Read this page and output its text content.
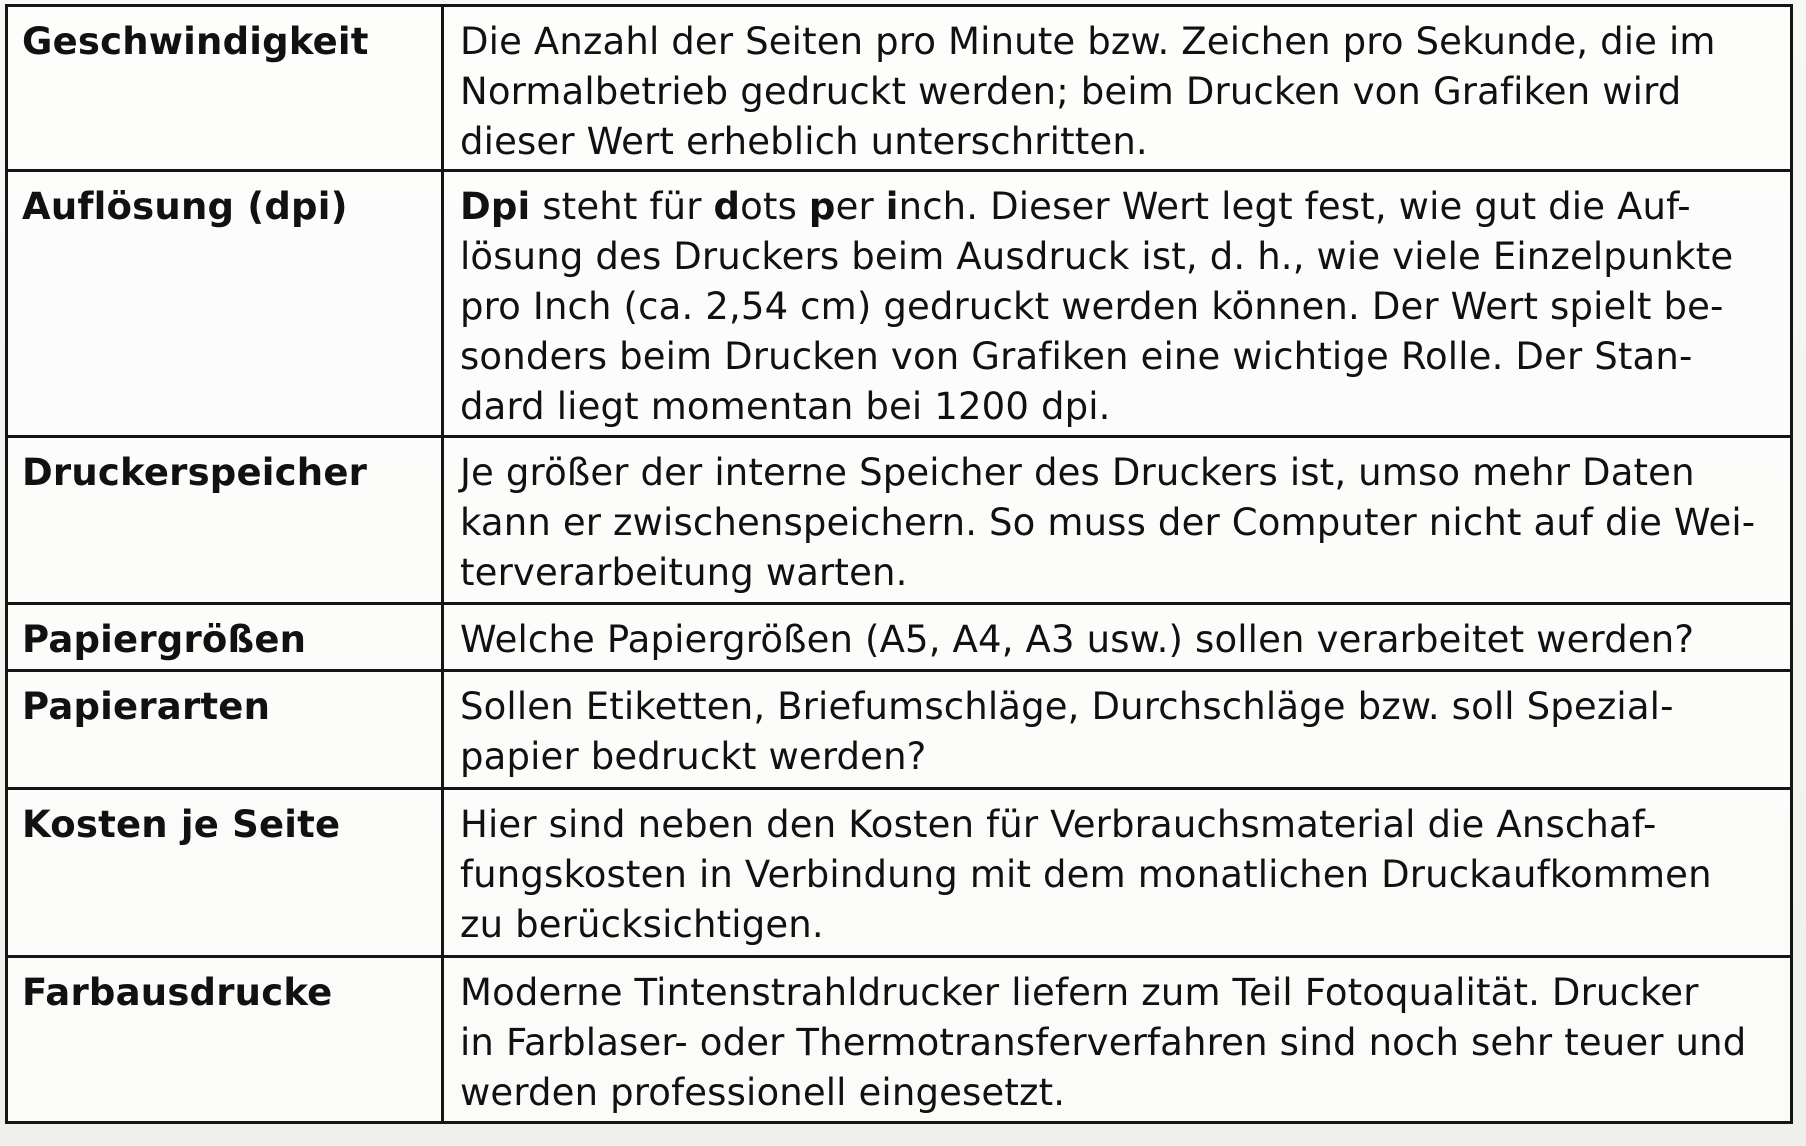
Geschwindigkeit	Die Anzahl der Seiten pro Minute bzw. Zeichen pro Sekunde, die im
Normalbetrieb gedruckt werden; beim Drucken von Grafiken wird
dieser Wert erheblich unterschritten.

Auflösung (dpi)	Dpi steht für dots per inch. Dieser Wert legt fest, wie gut die Auf-
lösung des Druckers beim Ausdruck ist, d. h., wie viele Einzelpunkte
pro Inch (ca. 2,54 cm) gedruckt werden können. Der Wert spielt be-
sonders beim Drucken von Grafiken eine wichtige Rolle. Der Stan-
dard liegt momentan bei 1200 dpi.

Druckerspeicher	Je größer der interne Speicher des Druckers ist, umso mehr Daten
kann er zwischenspeichern. So muss der Computer nicht auf die Wei-
terverarbeitung warten.

Papiergrößen	Welche Papiergrößen (A5, A4, A3 usw.) sollen verarbeitet werden?

Papierarten	Sollen Etiketten, Briefumschläge, Durchschläge bzw. soll Spezial-
papier bedruckt werden?

Kosten je Seite	Hier sind neben den Kosten für Verbrauchsmaterial die Anschaf-
fungskosten in Verbindung mit dem monatlichen Druckaufkommen
zu berücksichtigen.

Farbausdrucke	Moderne Tintenstrahldrucker liefern zum Teil Fotoqualität. Drucker
in Farblaser- oder Thermotransferverfahren sind noch sehr teuer und
werden professionell eingesetzt.
